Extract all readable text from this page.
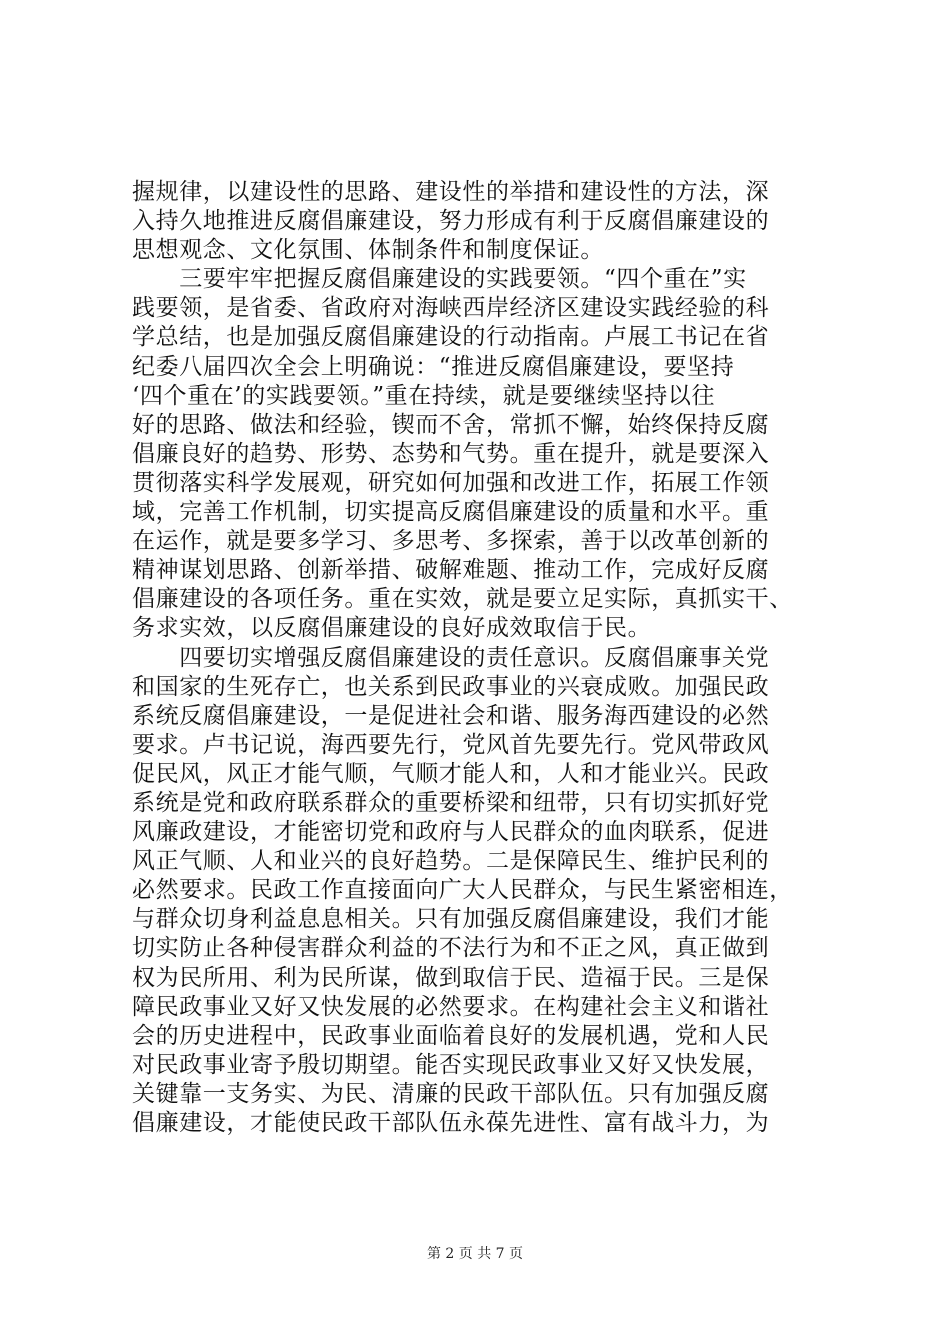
握规律，以建设性的思路、建设性的举措和建设性的方法，深
入持久地推进反腐倡廉建设，努力形成有利于反腐倡廉建设的
思想观念、文化氛围、体制条件和制度保证。
　　三要牢牢把握反腐倡廉建设的实践要领。“四个重在”实
践要领，是省委、省政府对海峡西岸经济区建设实践经验的科
学总结，也是加强反腐倡廉建设的行动指南。卢展工书记在省
纪委八届四次全会上明确说：“推进反腐倡廉建设，要坚持
‘四个重在’的实践要领。”重在持续，就是要继续坚持以往
好的思路、做法和经验，锲而不舍，常抓不懈，始终保持反腐
倡廉良好的趋势、形势、态势和气势。重在提升，就是要深入
贯彻落实科学发展观，研究如何加强和改进工作，拓展工作领
域，完善工作机制，切实提高反腐倡廉建设的质量和水平。重
在运作，就是要多学习、多思考、多探索，善于以改革创新的
精神谋划思路、创新举措、破解难题、推动工作，完成好反腐
倡廉建设的各项任务。重在实效，就是要立足实际，真抓实干、
务求实效，以反腐倡廉建设的良好成效取信于民。
　　四要切实增强反腐倡廉建设的责任意识。反腐倡廉事关党
和国家的生死存亡，也关系到民政事业的兴衰成败。加强民政
系统反腐倡廉建设，一是促进社会和谐、服务海西建设的必然
要求。卢书记说，海西要先行，党风首先要先行。党风带政风
促民风，风正才能气顺，气顺才能人和，人和才能业兴。民政
系统是党和政府联系群众的重要桥梁和纽带，只有切实抓好党
风廉政建设，才能密切党和政府与人民群众的血肉联系，促进
风正气顺、人和业兴的良好趋势。二是保障民生、维护民利的
必然要求。民政工作直接面向广大人民群众，与民生紧密相连，
与群众切身利益息息相关。只有加强反腐倡廉建设，我们才能
切实防止各种侵害群众利益的不法行为和不正之风，真正做到
权为民所用、利为民所谋，做到取信于民、造福于民。三是保
障民政事业又好又快发展的必然要求。在构建社会主义和谐社
会的历史进程中，民政事业面临着良好的发展机遇，党和人民
对民政事业寄予殷切期望。能否实现民政事业又好又快发展，
关键靠一支务实、为民、清廉的民政干部队伍。只有加强反腐
倡廉建设，才能使民政干部队伍永葆先进性、富有战斗力，为
第 2 页 共 7 页
